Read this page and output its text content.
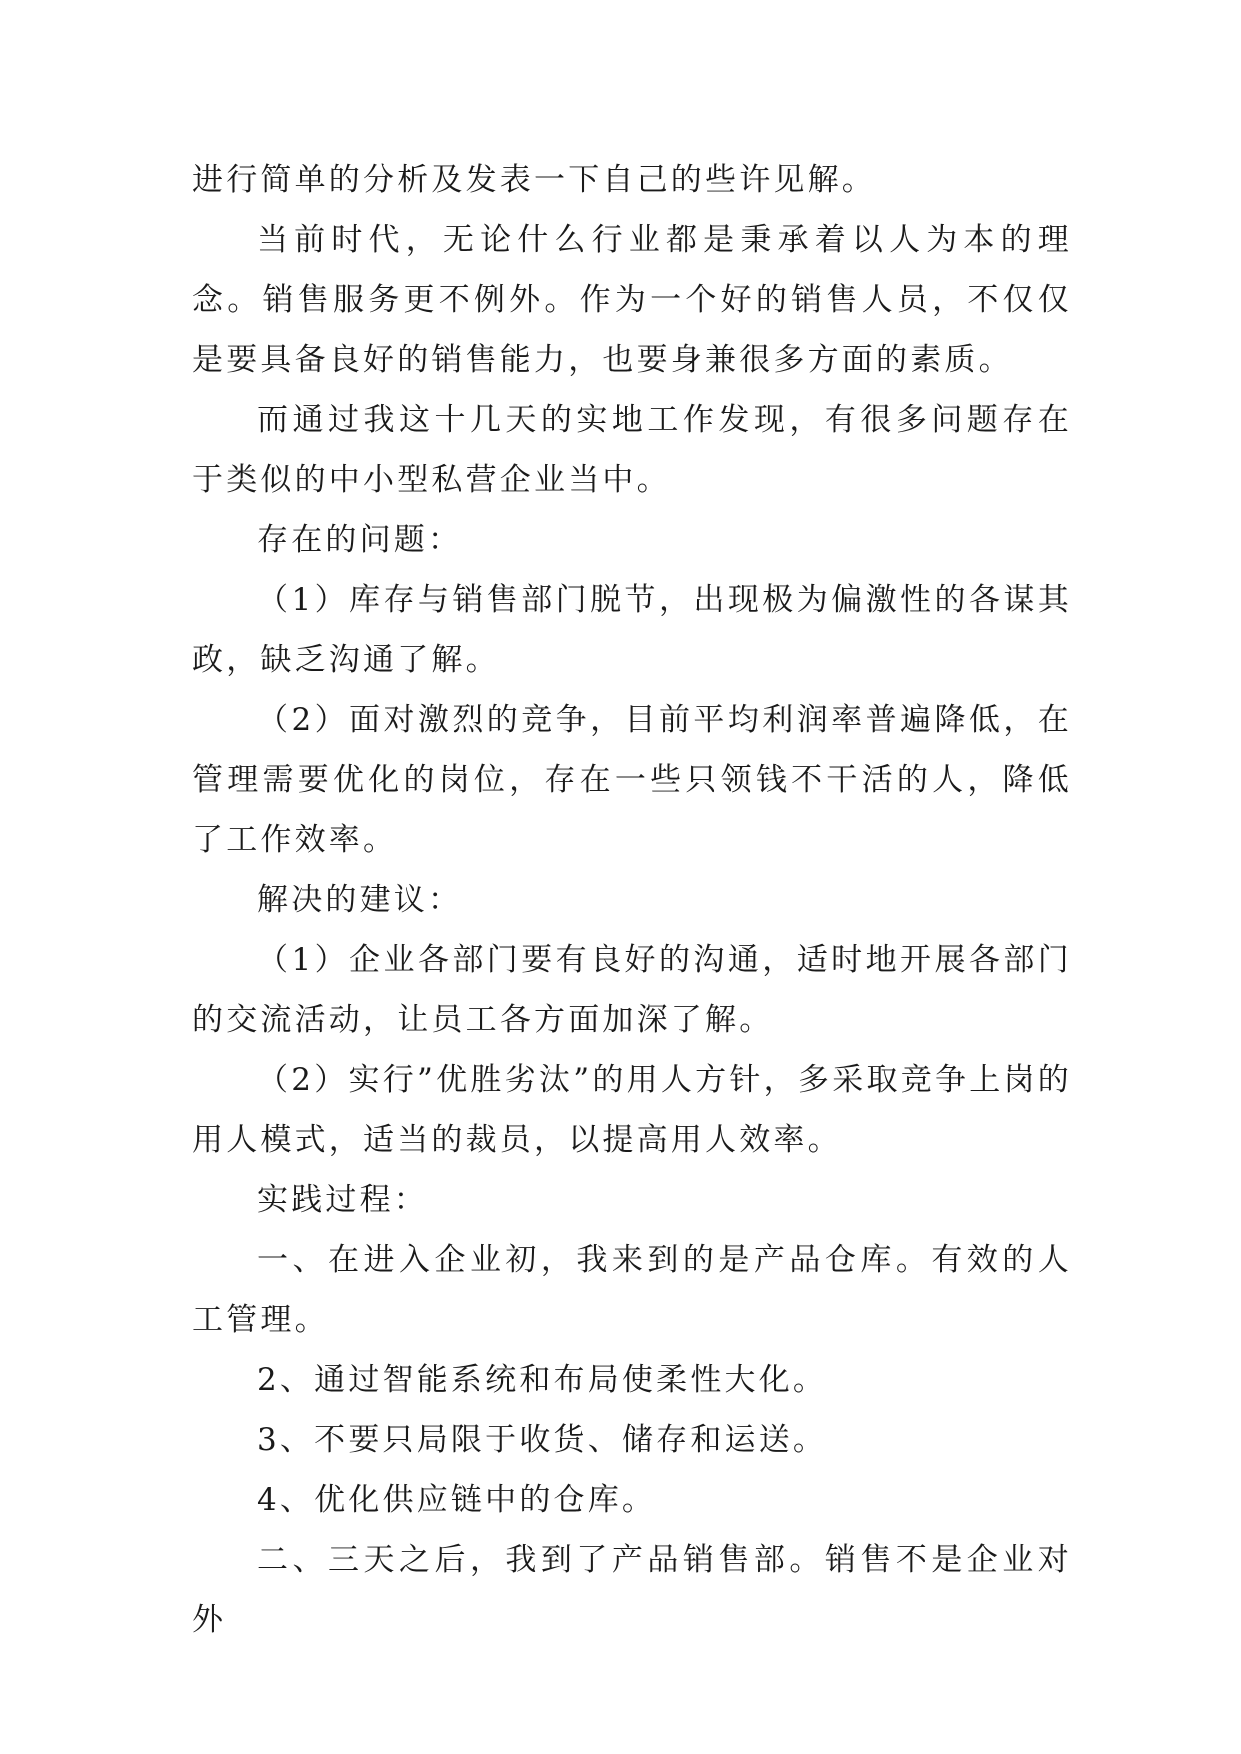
进行简单的分析及发表一下自己的些许见解。

当前时代，无论什么行业都是秉承着以人为本的理念。销售服务更不例外。作为一个好的销售人员，不仅仅是要具备良好的销售能力，也要身兼很多方面的素质。

而通过我这十几天的实地工作发现，有很多问题存在于类似的中小型私营企业当中。

存在的问题：

（1）库存与销售部门脱节，出现极为偏激性的各谋其政，缺乏沟通了解。

（2）面对激烈的竞争，目前平均利润率普遍降低，在管理需要优化的岗位，存在一些只领钱不干活的人，降低了工作效率。

解决的建议：

（1）企业各部门要有良好的沟通，适时地开展各部门的交流活动，让员工各方面加深了解。

（2）实行”优胜劣汰”的用人方针，多采取竞争上岗的用人模式，适当的裁员，以提高用人效率。

实践过程：

一、在进入企业初，我来到的是产品仓库。有效的人工管理。

2、通过智能系统和布局使柔性大化。

3、不要只局限于收货、储存和运送。

4、优化供应链中的仓库。

二、三天之后，我到了产品销售部。销售不是企业对外
